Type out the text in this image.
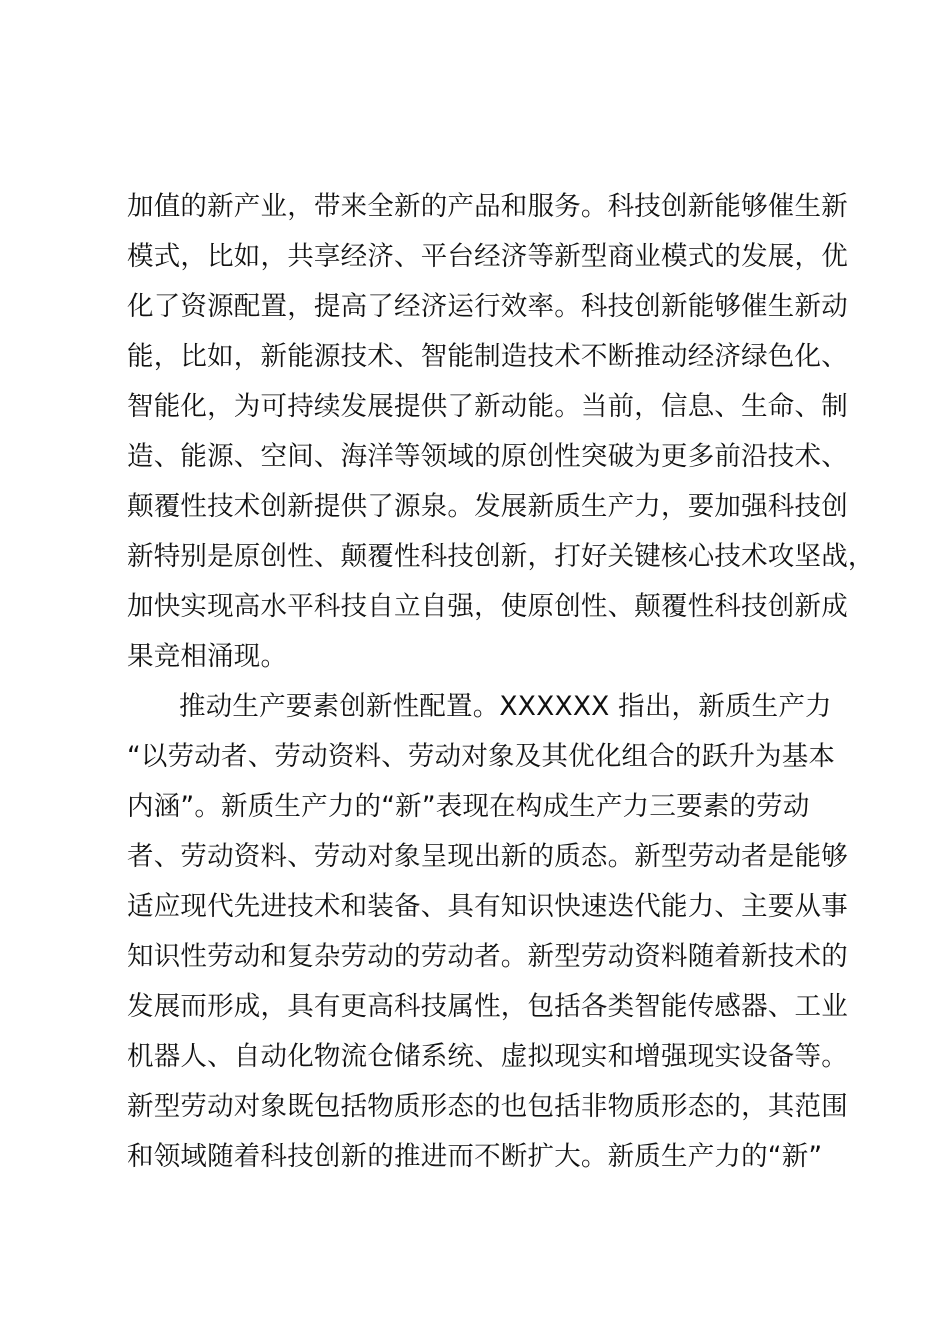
加值的新产业，带来全新的产品和服务。科技创新能够催生新
模式，比如，共享经济、平台经济等新型商业模式的发展，优
化了资源配置，提高了经济运行效率。科技创新能够催生新动
能，比如，新能源技术、智能制造技术不断推动经济绿色化、
智能化，为可持续发展提供了新动能。当前，信息、生命、制
造、能源、空间、海洋等领域的原创性突破为更多前沿技术、
颠覆性技术创新提供了源泉。发展新质生产力，要加强科技创
新特别是原创性、颠覆性科技创新，打好关键核心技术攻坚战，
加快实现高水平科技自立自强，使原创性、颠覆性科技创新成
果竞相涌现。
推动生产要素创新性配置。XXXXXX 指出，新质生产力
“以劳动者、劳动资料、劳动对象及其优化组合的跃升为基本
内涵”。新质生产力的“新”表现在构成生产力三要素的劳动
者、劳动资料、劳动对象呈现出新的质态。新型劳动者是能够
适应现代先进技术和装备、具有知识快速迭代能力、主要从事
知识性劳动和复杂劳动的劳动者。新型劳动资料随着新技术的
发展而形成，具有更高科技属性，包括各类智能传感器、工业
机器人、自动化物流仓储系统、虚拟现实和增强现实设备等。
新型劳动对象既包括物质形态的也包括非物质形态的，其范围
和领域随着科技创新的推进而不断扩大。新质生产力的“新”
